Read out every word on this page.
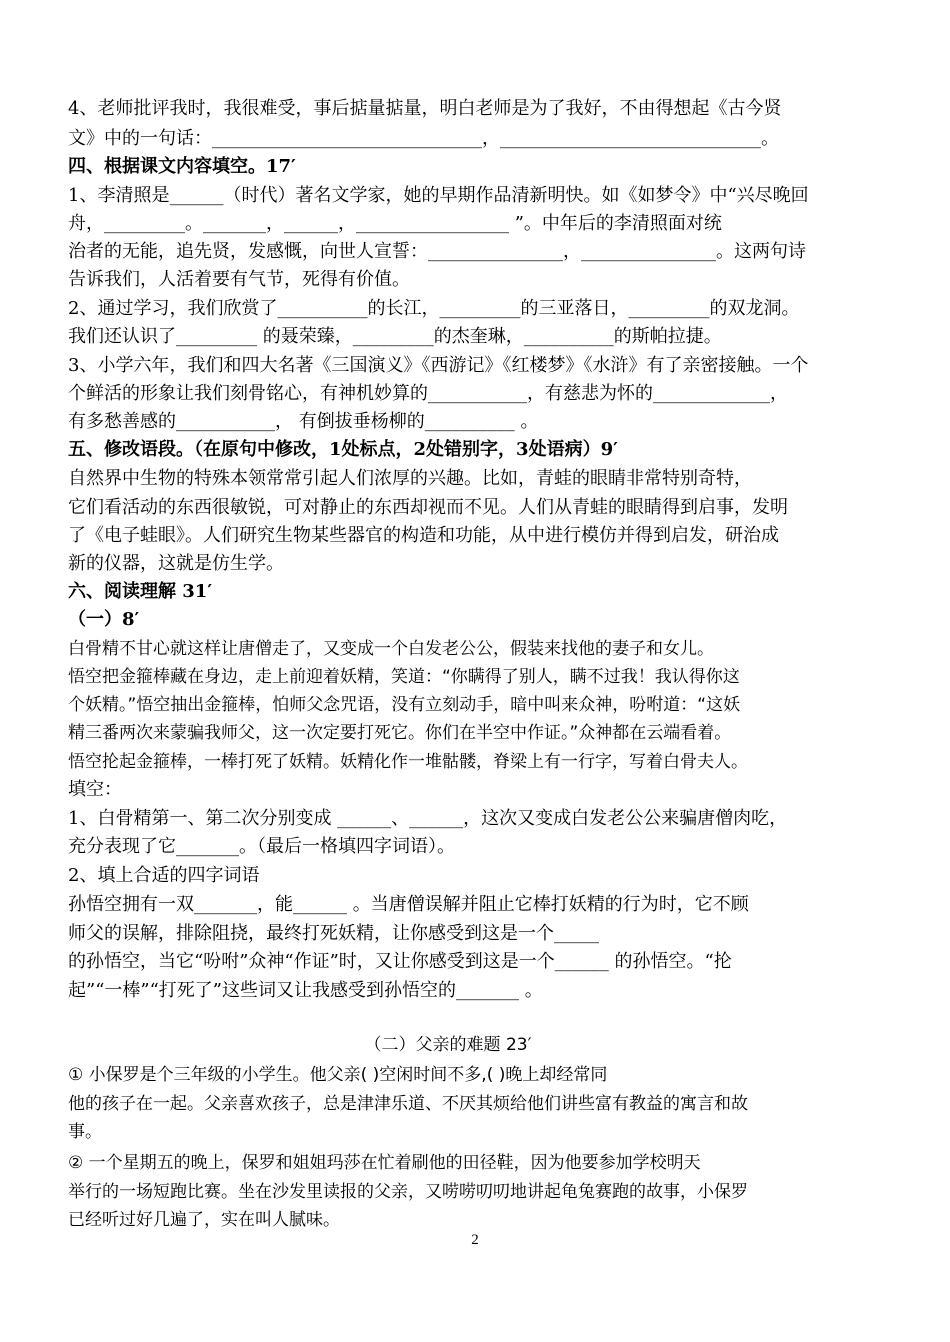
4、老师批评我时，我很难受，事后掂量掂量，明白老师是为了我好，不由得想起《古今贤
文》中的一句话：______________________________，_____________________________。
四、根据课文内容填空。17′
1、李清照是______（时代）著名文学家，她的早期作品清新明快。如《如梦令》中“兴尽晚回
舟，_________。_______，______，_________________ ”。中年后的李清照面对统
治者的无能，追先贤，发感慨，向世人宣誓：_______________，_______________。这两句诗
告诉我们，人活着要有气节，死得有价值。
2、通过学习，我们欣赏了__________的长江，_________的三亚落日，_________的双龙洞。
我们还认识了_________ 的聂荣臻，_________的杰奎琳，__________的斯帕拉捷。
3、小学六年，我们和四大名著《三国演义》《西游记》《红楼梦》《水浒》有了亲密接触。一个
个鲜活的形象让我们刻骨铭心，有神机妙算的___________，有慈悲为怀的_____________，
有多愁善感的___________， 有倒拔垂杨柳的__________ 。
五、修改语段。（在原句中修改，1处标点，2处错别字，3处语病）9′
自然界中生物的特殊本领常常引起人们浓厚的兴趣。比如，青蛙的眼睛非常特别奇特，
它们看活动的东西很敏锐，可对静止的东西却视而不见。人们从青蛙的眼睛得到启事，发明
了《电子蛙眼》。人们研究生物某些器官的构造和功能，从中进行模仿并得到启发，研治成
新的仪器，这就是仿生学。
六、阅读理解 31′
（一）8′
白骨精不甘心就这样让唐僧走了，又变成一个白发老公公，假装来找他的妻子和女儿。
悟空把金箍棒藏在身边，走上前迎着妖精，笑道：“你瞒得了别人，瞒不过我！我认得你这
个妖精。”悟空抽出金箍棒，怕师父念咒语，没有立刻动手，暗中叫来众神，吩咐道：“这妖
精三番两次来蒙骗我师父，这一次定要打死它。你们在半空中作证。”众神都在云端看着。
悟空抡起金箍棒，一棒打死了妖精。妖精化作一堆骷髅，脊梁上有一行字，写着白骨夫人。
填空：
1、白骨精第一、第二次分别变成 ______、______，这次又变成白发老公公来骗唐僧肉吃，
充分表现了它_______。（最后一格填四字词语）。
2、填上合适的四字词语
孙悟空拥有一双_______，能______ 。当唐僧误解并阻止它棒打妖精的行为时，它不顾
师父的误解，排除阻挠，最终打死妖精，让你感受到这是一个_____
的孙悟空，当它“吩咐”众神“作证”时，又让你感受到这是一个______ 的孙悟空。“抡
起”“一棒”“打死了”这些词又让我感受到孙悟空的_______ 。
（二）父亲的难题 23′
① 小保罗是个三年级的小学生。他父亲( )空闲时间不多,( )晚上却经常同
他的孩子在一起。父亲喜欢孩子，总是津津乐道、不厌其烦给他们讲些富有教益的寓言和故
事。
② 一个星期五的晚上，保罗和姐姐玛莎在忙着刷他的田径鞋，因为他要参加学校明天
举行的一场短跑比赛。坐在沙发里读报的父亲，又唠唠叨叨地讲起龟兔赛跑的故事，小保罗
已经听过好几遍了，实在叫人腻味。
2
